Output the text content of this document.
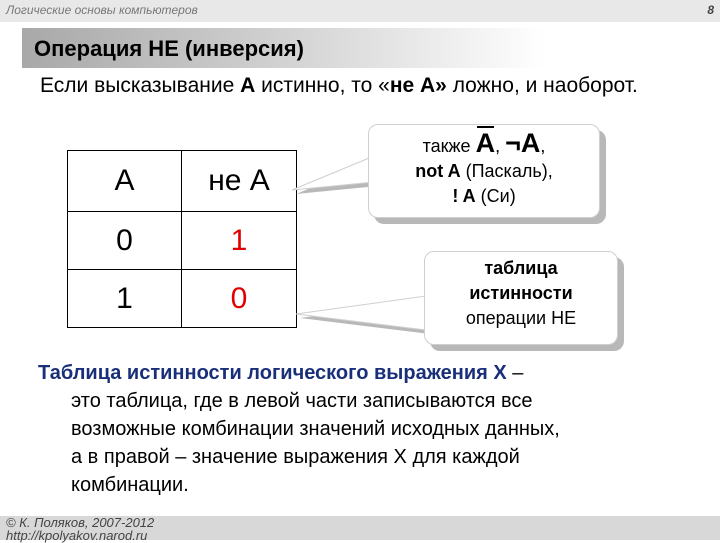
Логические основы компьютеров	8
Операция НЕ (инверсия)
Если высказывание А истинно, то «не А» ложно, и наоборот.
А	не А
0	1
1	0
также А, ¬А,
not A (Паскаль),
! A (Си)
таблица
истинности
операции НЕ
Таблица истинности логического выражения X –
это таблица, где в левой части записываются все
возможные комбинации значений исходных данных,
а в правой – значение выражения X для каждой
комбинации.
© К. Поляков, 2007-2012
http://kpolyakov.narod.ru
